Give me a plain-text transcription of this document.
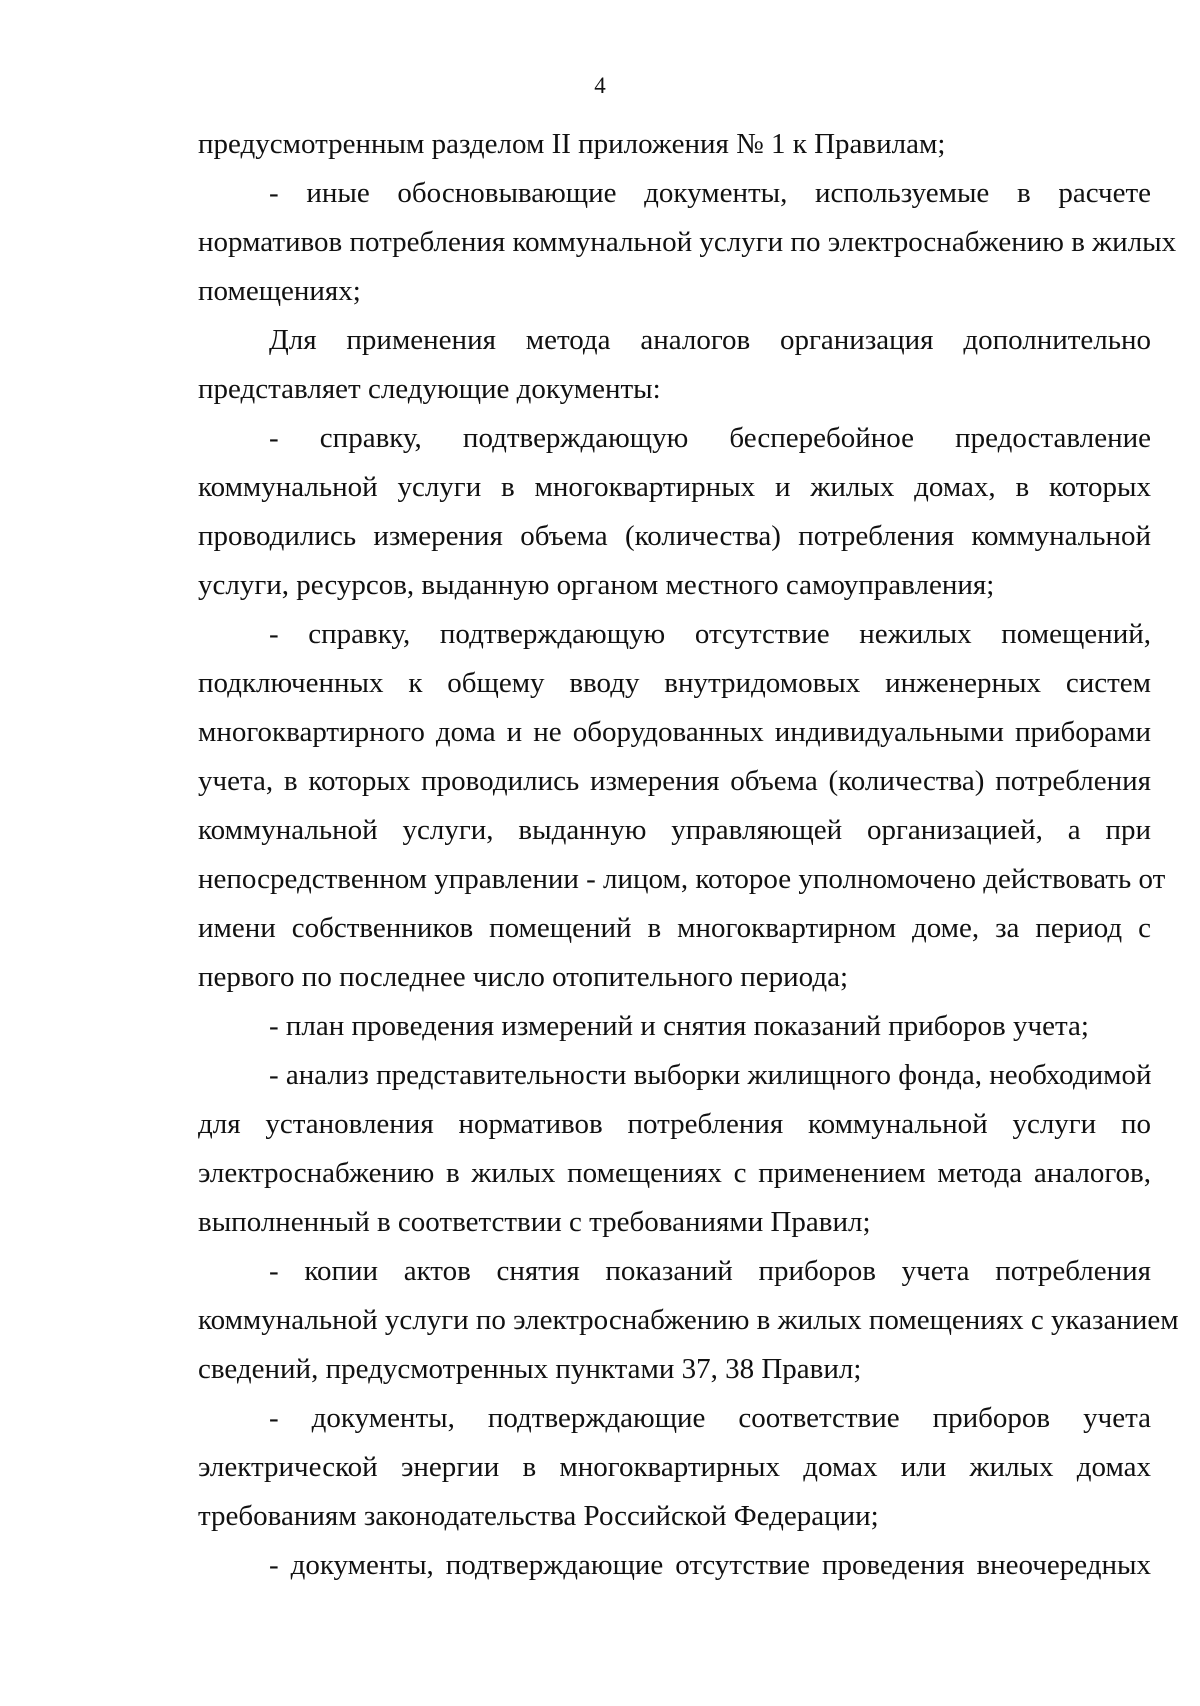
4
предусмотренным разделом II приложения № 1 к Правилам;
- иные обосновывающие документы, используемые в расчете
нормативов потребления коммунальной услуги по электроснабжению в жилых
помещениях;
Для применения метода аналогов организация дополнительно
представляет следующие документы:
- справку, подтверждающую бесперебойное предоставление
коммунальной услуги в многоквартирных и жилых домах, в которых
проводились измерения объема (количества) потребления коммунальной
услуги, ресурсов, выданную органом местного самоуправления;
- справку, подтверждающую отсутствие нежилых помещений,
подключенных к общему вводу внутридомовых инженерных систем
многоквартирного дома и не оборудованных индивидуальными приборами
учета, в которых проводились измерения объема (количества) потребления
коммунальной услуги, выданную управляющей организацией, а при
непосредственном управлении - лицом, которое уполномочено действовать от
имени собственников помещений в многоквартирном доме, за период с
первого по последнее число отопительного периода;
- план проведения измерений и снятия показаний приборов учета;
- анализ представительности выборки жилищного фонда, необходимой
для установления нормативов потребления коммунальной услуги по
электроснабжению в жилых помещениях с применением метода аналогов,
выполненный в соответствии с требованиями Правил;
- копии актов снятия показаний приборов учета потребления
коммунальной услуги по электроснабжению в жилых помещениях с указанием
сведений, предусмотренных пунктами 37, 38 Правил;
- документы, подтверждающие соответствие приборов учета
электрической энергии в многоквартирных домах или жилых домах
требованиям законодательства Российской Федерации;
- документы, подтверждающие отсутствие проведения внеочередных
